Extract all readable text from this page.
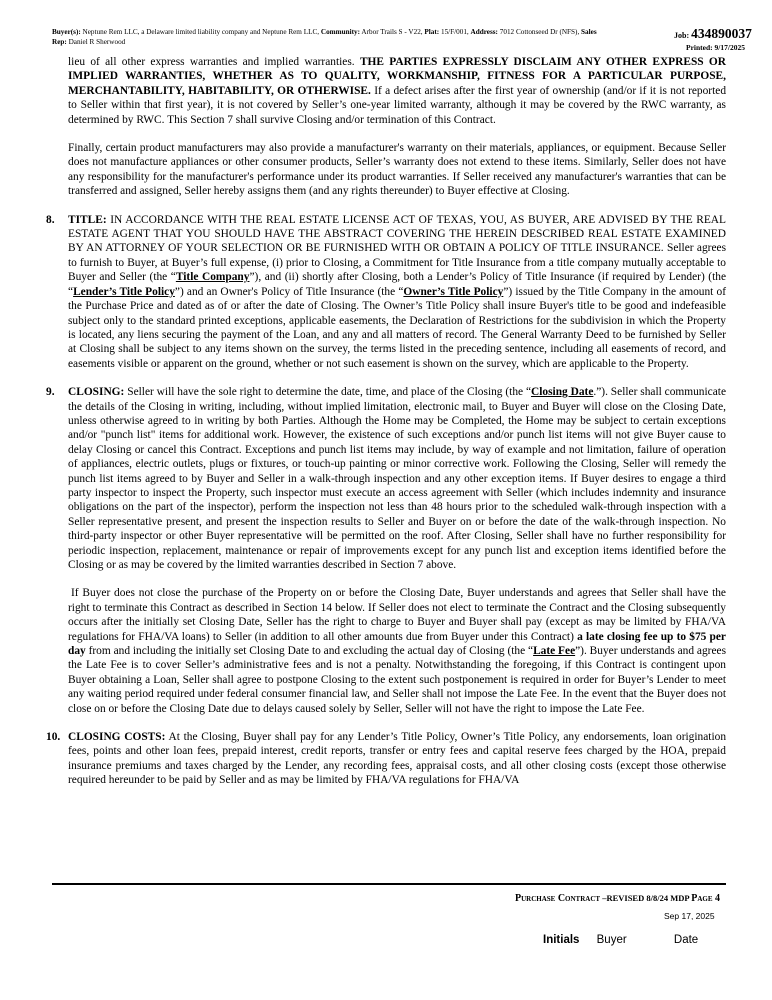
Buyer(s): Neptune Rem LLC, a Delaware limited liability company and Neptune Rem LLC, Community: Arbor Trails S - V22, Plat: 15/F/001, Address: 7012 Cottonseed Dr (NFS), Sales Rep: Daniel R Sherwood
Job: 434890037
Printed: 9/17/2025

lieu of all other express warranties and implied warranties. THE PARTIES EXPRESSLY DISCLAIM ANY OTHER EXPRESS OR IMPLIED WARRANTIES, WHETHER AS TO QUALITY, WORKMANSHIP, FITNESS FOR A PARTICULAR PURPOSE, MERCHANTABILITY, HABITABILITY, OR OTHERWISE. If a defect arises after the first year of ownership (and/or if it is not reported to Seller within that first year), it is not covered by Seller’s one-year limited warranty, although it may be covered by the RWC warranty, as determined by RWC. This Section 7 shall survive Closing and/or termination of this Contract.

Finally, certain product manufacturers may also provide a manufacturer's warranty on their materials, appliances, or equipment. Because Seller does not manufacture appliances or other consumer products, Seller’s warranty does not extend to these items. Similarly, Seller does not have any responsibility for the manufacturer's performance under its product warranties. If Seller received any manufacturer's warranties that can be transferred and assigned, Seller hereby assigns them (and any rights thereunder) to Buyer effective at Closing.

8. TITLE: IN ACCORDANCE WITH THE REAL ESTATE LICENSE ACT OF TEXAS, YOU, AS BUYER, ARE ADVISED BY THE REAL ESTATE AGENT THAT YOU SHOULD HAVE THE ABSTRACT COVERING THE HEREIN DESCRIBED REAL ESTATE EXAMINED BY AN ATTORNEY OF YOUR SELECTION OR BE FURNISHED WITH OR OBTAIN A POLICY OF TITLE INSURANCE. Seller agrees to furnish to Buyer, at Buyer’s full expense, (i) prior to Closing, a Commitment for Title Insurance from a title company mutually acceptable to Buyer and Seller (the “Title Company”), and (ii) shortly after Closing, both a Lender’s Policy of Title Insurance (if required by Lender) (the “Lender’s Title Policy”) and an Owner's Policy of Title Insurance (the “Owner’s Title Policy”) issued by the Title Company in the amount of the Purchase Price and dated as of or after the date of Closing. The Owner’s Title Policy shall insure Buyer's title to be good and indefeasible subject only to the standard printed exceptions, applicable easements, the Declaration of Restrictions for the subdivision in which the Property is located, any liens securing the payment of the Loan, and any and all matters of record. The General Warranty Deed to be furnished by Seller at Closing shall be subject to any items shown on the survey, the terms listed in the preceding sentence, including all easements of record, and easements visible or apparent on the ground, whether or not such easement is shown on the survey, which are applicable to the Property.

9. CLOSING: Seller will have the sole right to determine the date, time, and place of the Closing (the “Closing Date.”). Seller shall communicate the details of the Closing in writing, including, without implied limitation, electronic mail, to Buyer and Buyer will close on the Closing Date, unless otherwise agreed to in writing by both Parties. Although the Home may be Completed, the Home may be subject to certain exceptions and/or "punch list" items for additional work. However, the existence of such exceptions and/or punch list items will not give Buyer cause to delay Closing or cancel this Contract. Exceptions and punch list items may include, by way of example and not limitation, failure of operation of appliances, electric outlets, plugs or fixtures, or touch-up painting or minor corrective work. Following the Closing, Seller will remedy the punch list items agreed to by Buyer and Seller in a walk-through inspection and any other exception items. If Buyer desires to engage a third party inspector to inspect the Property, such inspector must execute an access agreement with Seller (which includes indemnity and insurance obligations on the part of the inspector), perform the inspection not less than 48 hours prior to the scheduled walk-through inspection with a Seller representative present, and present the inspection results to Seller and Buyer on or before the date of the walk-through inspection. No third-party inspector or other Buyer representative will be permitted on the roof. After Closing, Seller shall have no further responsibility for periodic inspection, replacement, maintenance or repair of improvements except for any punch list and exception items identified before the Closing or as may be covered by the limited warranties described in Section 7 above.

If Buyer does not close the purchase of the Property on or before the Closing Date, Buyer understands and agrees that Seller shall have the right to terminate this Contract as described in Section 14 below. If Seller does not elect to terminate the Contract and the Closing subsequently occurs after the initially set Closing Date, Seller has the right to charge to Buyer and Buyer shall pay (except as may be limited by FHA/VA regulations for FHA/VA loans) to Seller (in addition to all other amounts due from Buyer under this Contract) a late closing fee up to $75 per day from and including the initially set Closing Date to and excluding the actual day of Closing (the “Late Fee”). Buyer understands and agrees the Late Fee is to cover Seller’s administrative fees and is not a penalty. Notwithstanding the foregoing, if this Contract is contingent upon Buyer obtaining a Loan, Seller shall agree to postpone Closing to the extent such postponement is required in order for Buyer’s Lender to meet any waiting period required under federal consumer financial law, and Seller shall not impose the Late Fee. In the event that the Buyer does not close on or before the Closing Date due to delays caused solely by Seller, Seller will not have the right to impose the Late Fee.

10. CLOSING COSTS: At the Closing, Buyer shall pay for any Lender’s Title Policy, Owner’s Title Policy, any endorsements, loan origination fees, points and other loan fees, prepaid interest, credit reports, transfer or entry fees and capital reserve fees charged by the HOA, prepaid insurance premiums and taxes charged by the Lender, any recording fees, appraisal costs, and all other closing costs (except those otherwise required hereunder to be paid by Seller and as may be limited by FHA/VA regulations for FHA/VA

Purchase Contract –REVISED 8/8/24 MDP Page 4
Sep 17, 2025
Initials Buyer	Date
